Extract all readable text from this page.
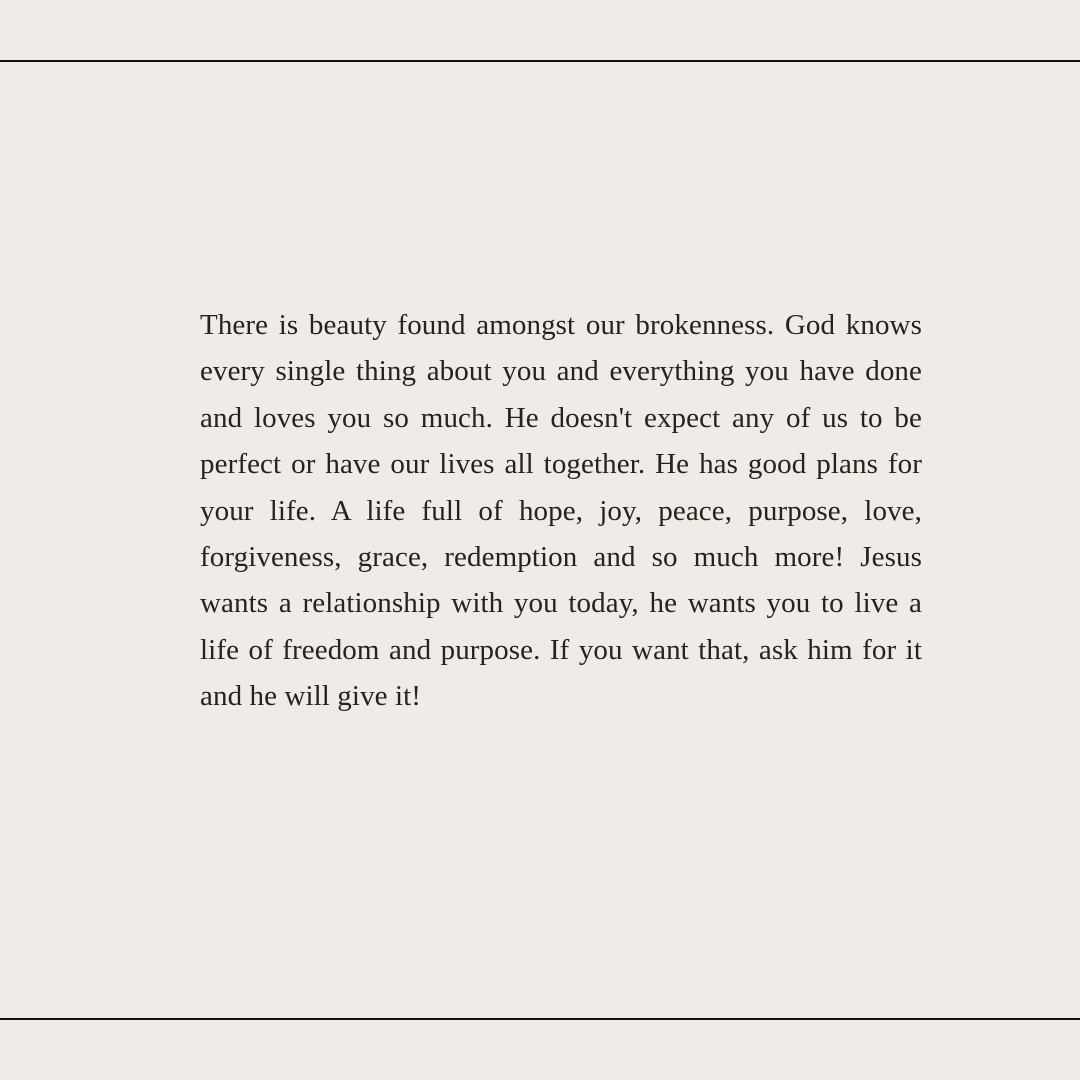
There is beauty found amongst our brokenness. God knows every single thing about you and everything you have done and loves you so much. He doesn't expect any of us to be perfect or have our lives all together. He has good plans for your life. A life full of hope, joy, peace, purpose, love, forgiveness, grace, redemption and so much more! Jesus wants a relationship with you today, he wants you to live a life of freedom and purpose. If you want that, ask him for it and he will give it!
